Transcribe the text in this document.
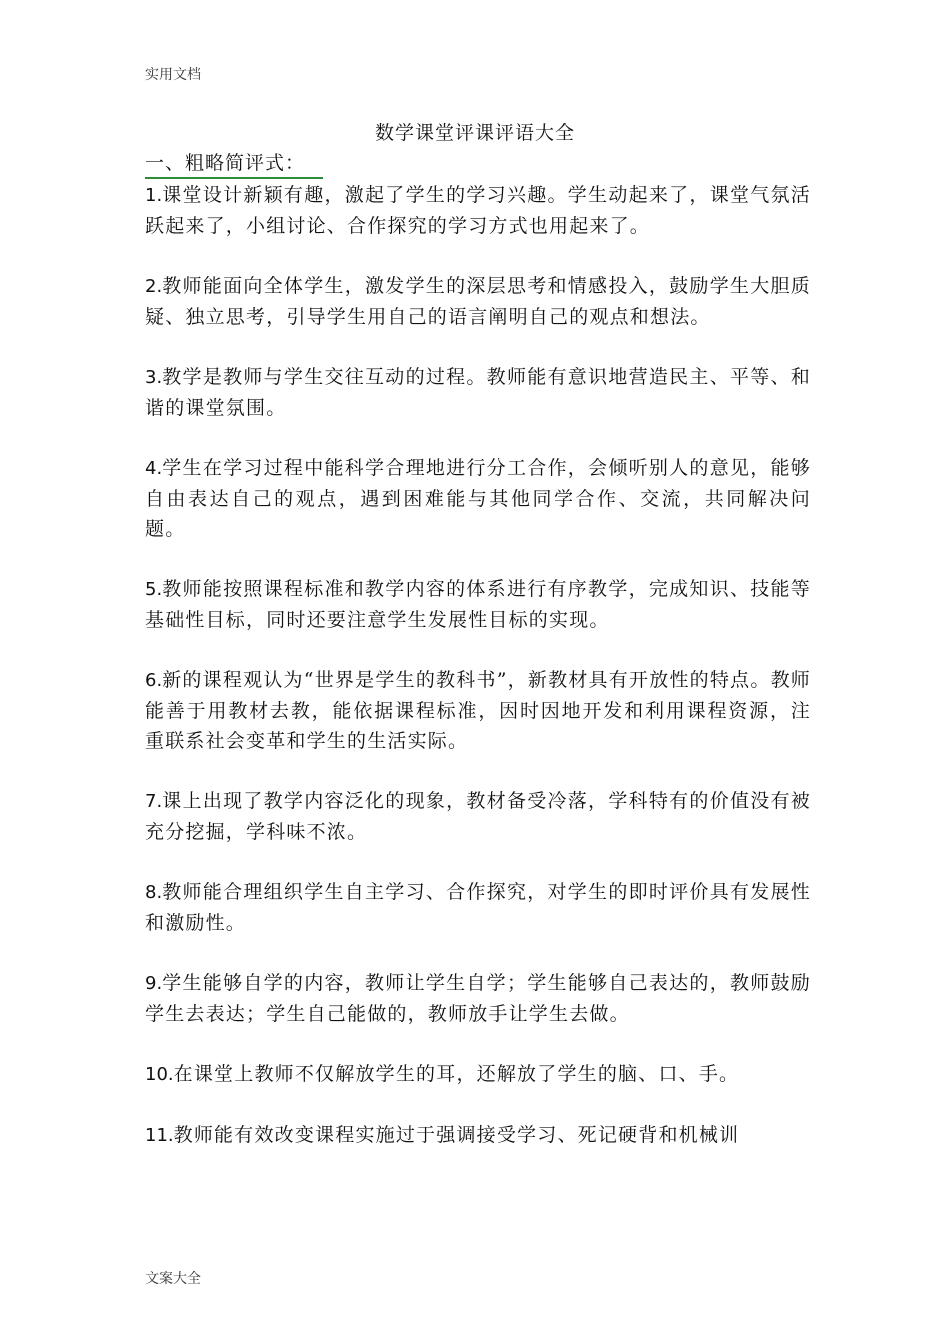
实用文档
数学课堂评课评语大全
一、粗略简评式：

1.课堂设计新颖有趣，激起了学生的学习兴趣。学生动起来了，课堂气氛活跃起来了，小组讨论、合作探究的学习方式也用起来了。

2.教师能面向全体学生，激发学生的深层思考和情感投入，鼓励学生大胆质疑、独立思考，引导学生用自己的语言阐明自己的观点和想法。

3.教学是教师与学生交往互动的过程。教师能有意识地营造民主、平等、和谐的课堂氛围。

4.学生在学习过程中能科学合理地进行分工合作，会倾听别人的意见，能够自由表达自己的观点，遇到困难能与其他同学合作、交流，共同解决问题。

5.教师能按照课程标准和教学内容的体系进行有序教学，完成知识、技能等基础性目标，同时还要注意学生发展性目标的实现。

6.新的课程观认为“世界是学生的教科书”，新教材具有开放性的特点。教师能善于用教材去教，能依据课程标准，因时因地开发和利用课程资源，注重联系社会变革和学生的生活实际。

7.课上出现了教学内容泛化的现象，教材备受冷落，学科特有的价值没有被充分挖掘，学科味不浓。

8.教师能合理组织学生自主学习、合作探究，对学生的即时评价具有发展性和激励性。

9.学生能够自学的内容，教师让学生自学；学生能够自己表达的，教师鼓励学生去表达；学生自己能做的，教师放手让学生去做。

10.在课堂上教师不仅解放学生的耳，还解放了学生的脑、口、手。

11.教师能有效改变课程实施过于强调接受学习、死记硬背和机械训

文案大全
